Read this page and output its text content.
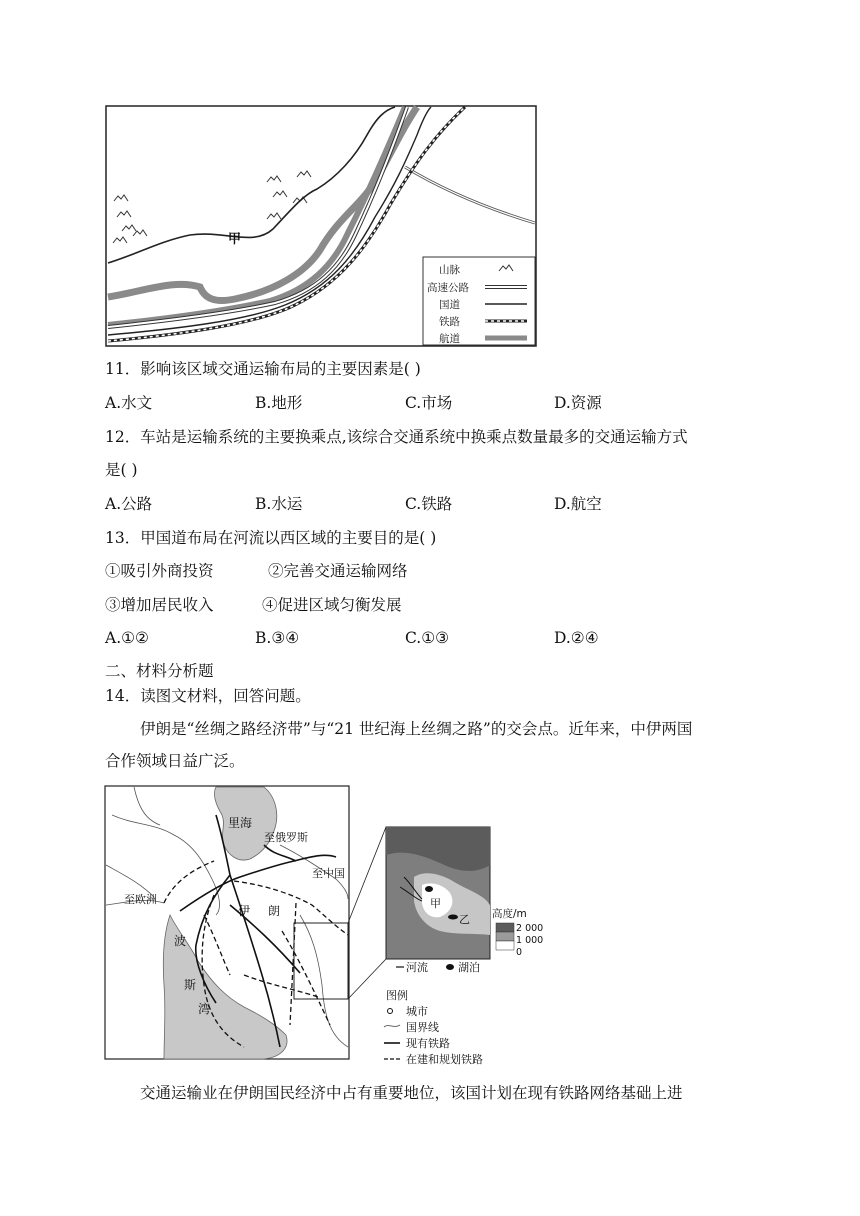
甲
山脉
高速公路
国道
铁路
航道
11．影响该区域交通运输布局的主要因素是( )
A.水文	B.地形	C.市场	D.资源
12．车站是运输系统的主要换乘点,该综合交通系统中换乘点数量最多的交通运输方式
是( )
A.公路	B.水运	C.铁路	D.航空
13．甲国道布局在河流以西区域的主要目的是( )
①吸引外商投资	②完善交通运输网络
③增加居民收入	④促进区域匀衡发展
A.①②	B.③④	C.①③	D.②④
二、材料分析题
14．读图文材料，回答问题。
伊朗是“丝绸之路经济带”与“21 世纪海上丝绸之路”的交会点。近年来，中伊两国
合作领域日益广泛。
里海
至俄罗斯
至中国
至欧洲
伊 朗
波
斯
湾
甲
乙 高度/m
2 000
1 000
0
河流	湖泊
图例
城市
国界线
现有铁路
在建和规划铁路
交通运输业在伊朗国民经济中占有重要地位，该国计划在现有铁路网络基础上进
